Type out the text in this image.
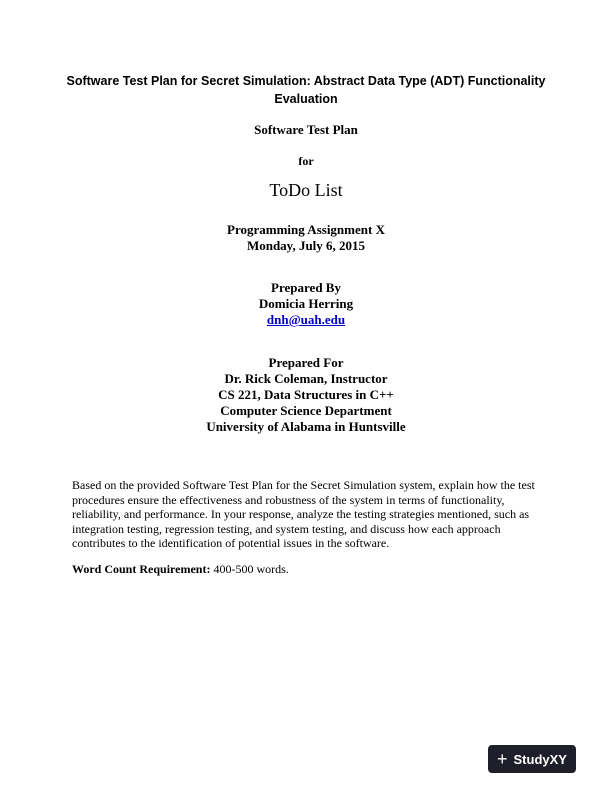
Software Test Plan for Secret Simulation: Abstract Data Type (ADT) Functionality
Evaluation
Software Test Plan
for
ToDo List
Programming Assignment X
Monday, July 6, 2015
Prepared By
Domicia Herring
dnh@uah.edu
Prepared For
Dr. Rick Coleman, Instructor
CS 221, Data Structures in C++
Computer Science Department
University of Alabama in Huntsville
Based on the provided Software Test Plan for the Secret Simulation system, explain how the test
procedures ensure the effectiveness and robustness of the system in terms of functionality,
reliability, and performance. In your response, analyze the testing strategies mentioned, such as
integration testing, regression testing, and system testing, and discuss how each approach
contributes to the identification of potential issues in the software.
Word Count Requirement: 400-500 words.
+ StudyXY
